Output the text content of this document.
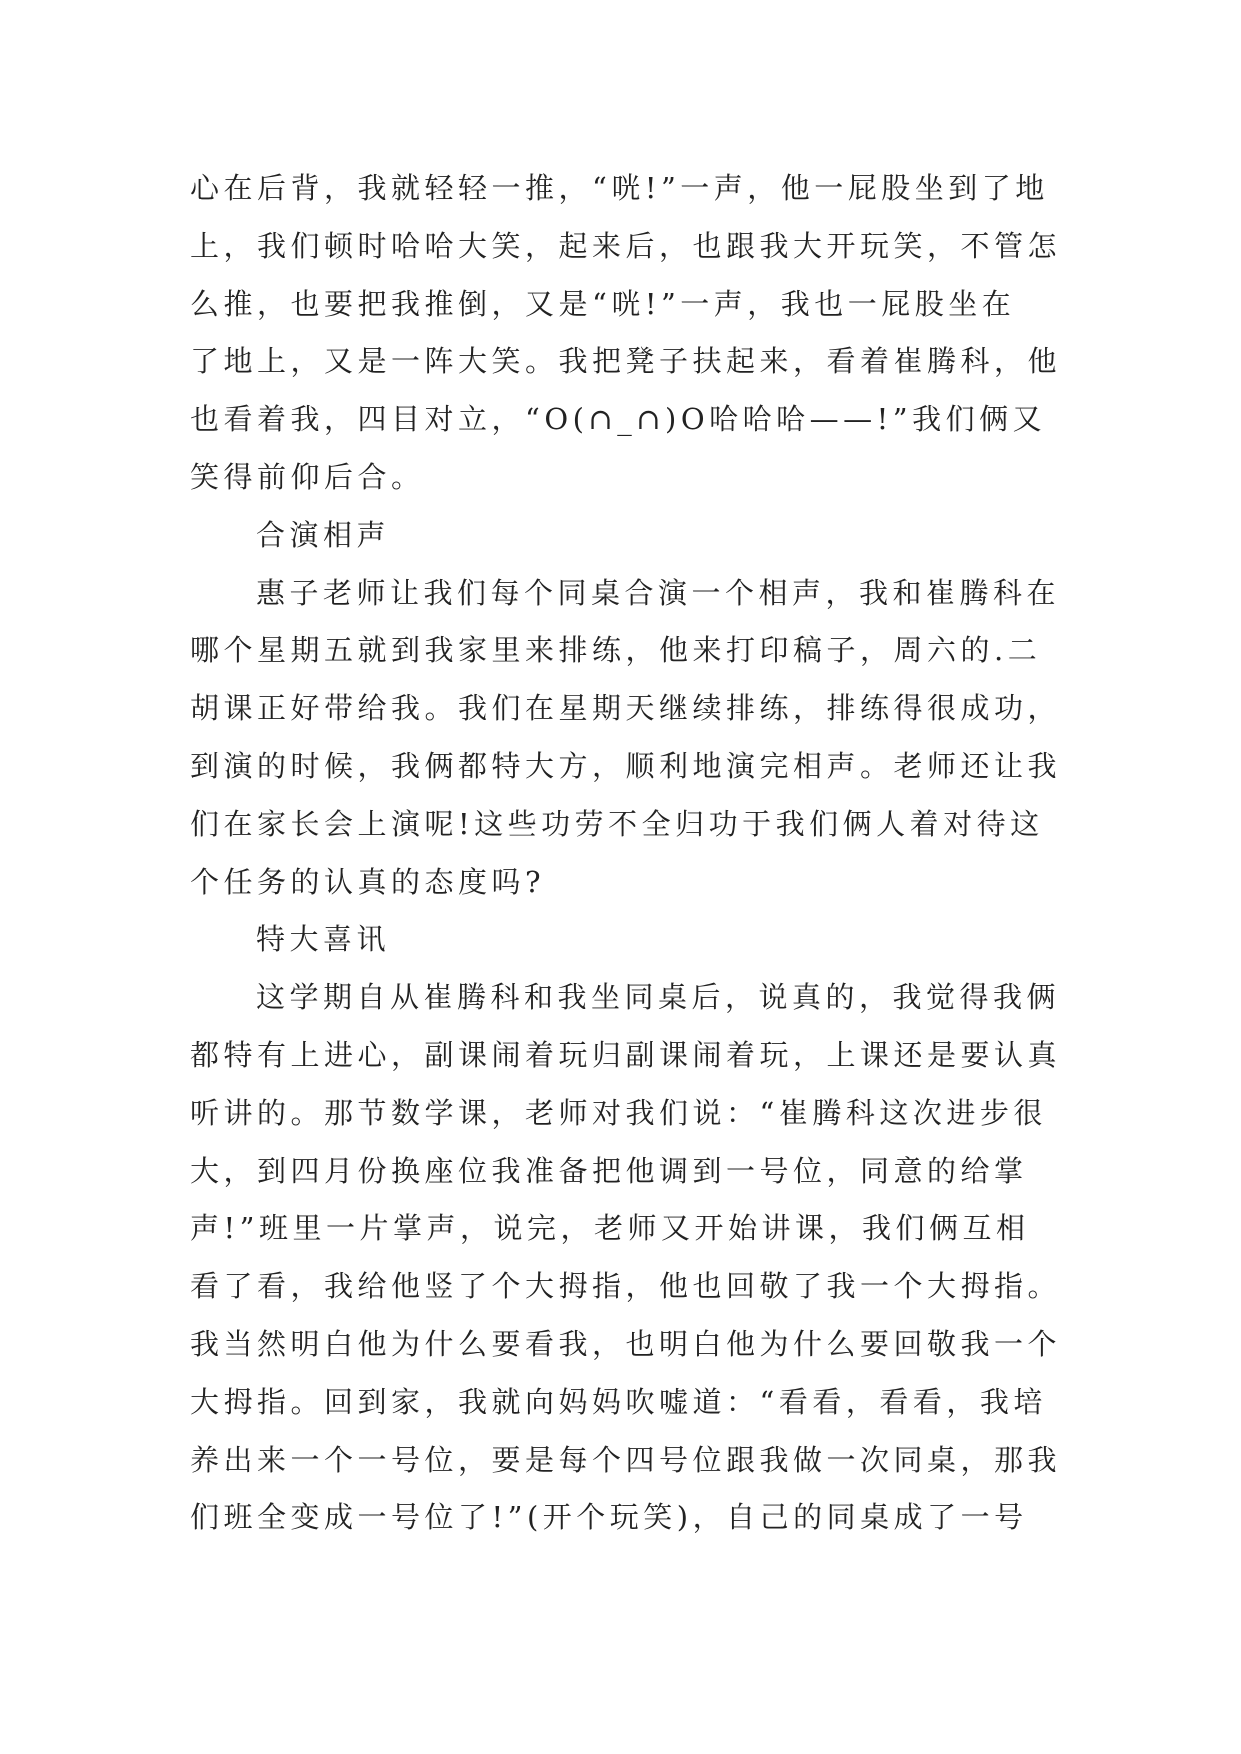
心在后背，我就轻轻一推，“咣!”一声，他一屁股坐到了地

上，我们顿时哈哈大笑，起来后，也跟我大开玩笑，不管怎

么推，也要把我推倒，又是“咣!”一声，我也一屁股坐在

了地上，又是一阵大笑。我把凳子扶起来，看着崔腾科，他

也看着我，四目对立，“O(∩_∩)O哈哈哈——!”我们俩又

笑得前仰后合。

合演相声

惠子老师让我们每个同桌合演一个相声，我和崔腾科在

哪个星期五就到我家里来排练，他来打印稿子，周六的.二

胡课正好带给我。我们在星期天继续排练，排练得很成功，

到演的时候，我俩都特大方，顺利地演完相声。老师还让我

们在家长会上演呢!这些功劳不全归功于我们俩人着对待这

个任务的认真的态度吗?

特大喜讯

这学期自从崔腾科和我坐同桌后，说真的，我觉得我俩

都特有上进心，副课闹着玩归副课闹着玩，上课还是要认真

听讲的。那节数学课，老师对我们说：“崔腾科这次进步很

大，到四月份换座位我准备把他调到一号位，同意的给掌

声!”班里一片掌声，说完，老师又开始讲课，我们俩互相

看了看，我给他竖了个大拇指，他也回敬了我一个大拇指。

我当然明白他为什么要看我，也明白他为什么要回敬我一个

大拇指。回到家，我就向妈妈吹嘘道：“看看，看看，我培

养出来一个一号位，要是每个四号位跟我做一次同桌，那我

们班全变成一号位了!”(开个玩笑)，自己的同桌成了一号
